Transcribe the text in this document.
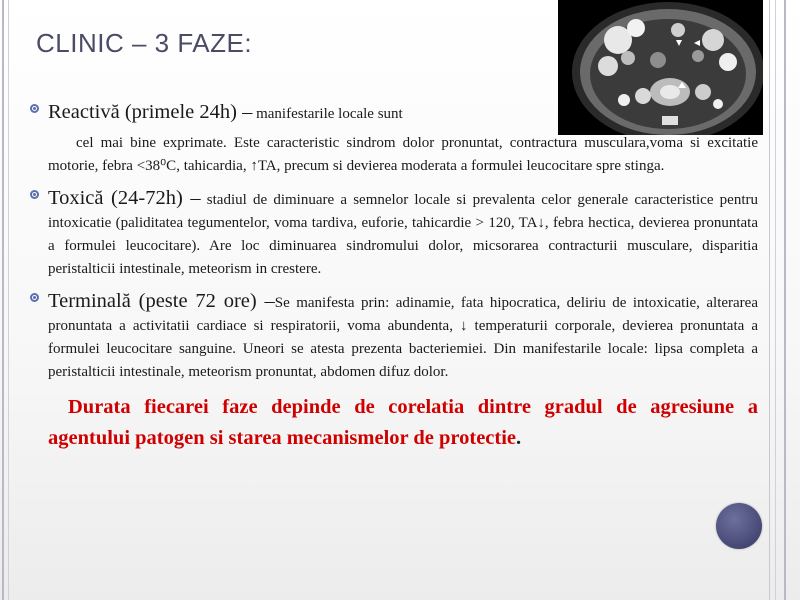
CLINIC – 3 FAZE:
Reactivă (primele 24h) – manifestarile locale sunt
cel mai bine exprimate. Este caracteristic sindrom dolor pronuntat, contractura musculara,voma si excitatie motorie, febra <38⁰C, tahicardia, ↑TA, precum si devierea moderata a formulei leucocitare spre stinga.
Toxică (24-72h) – stadiul de diminuare a semnelor locale si prevalenta celor generale caracteristice pentru intoxicatie (paliditatea tegumentelor, voma tardiva, euforie, tahicardie > 120, TA↓, febra hectica, devierea pronuntata a formulei leucocitare). Are loc diminuarea sindromului dolor, micsorarea contracturii musculare, disparitia peristalticii intestinale, meteorism in crestere.
Terminală (peste 72 ore) –Se manifesta prin: adinamie, fata hipocratica, deliriu de intoxicatie, alterarea pronuntata a activitatii cardiace si respiratorii, voma abundenta, ↓ temperaturii corporale, devierea pronuntata a formulei leucocitare sanguine. Uneori se atesta prezenta bacteriemiei. Din manifestarile locale: lipsa completa a peristalticii intestinale, meteorism pronuntat, abdomen difuz dolor.
Durata fiecarei faze depinde de corelatia dintre gradul de agresiune a agentului patogen si starea mecanismelor de protectie.
